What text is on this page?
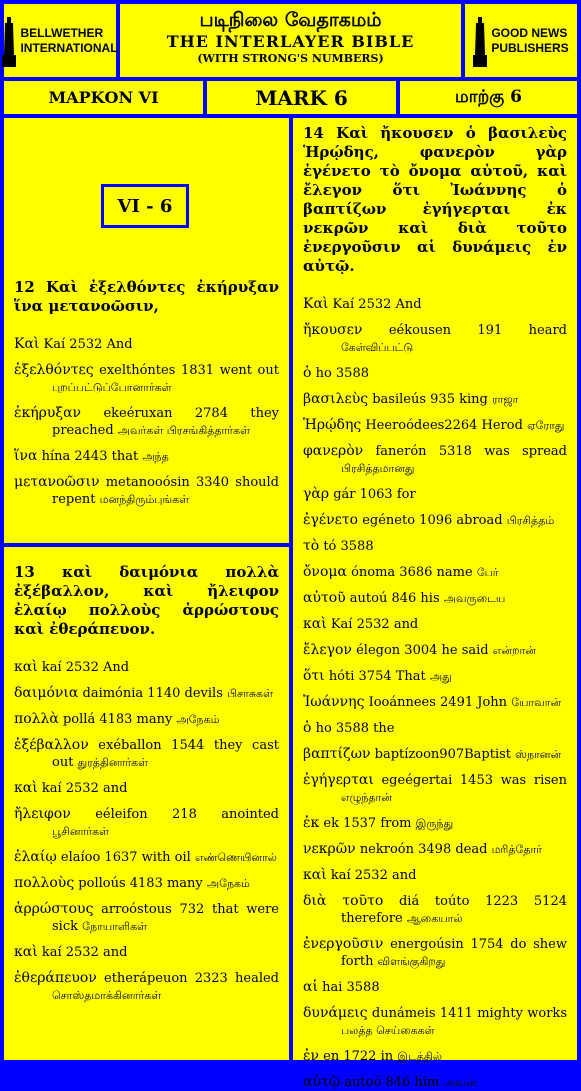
BELLWETHER
INTERNATIONAL
படிநிலை வேதாகமம்
THE INTERLAYER BIBLE
(WITH STRONG'S NUMBERS)
GOOD NEWS
PUBLISHERS
ΜΑΡΚΟΝ VI	MARK 6	மாற்கு 6
VI - 6
12 Καὶ ἐξελθόντες ἐκήρυξαν ἵνα μετανοῶσιν,
Καὶ Kaí 2532 And
ἐξελθόντες exelthóntes 1831 went out புறப்பட்டுப்போனார்கள்
ἐκήρυξαν ekeéruxan 2784 they preached அவர்கள் பிரசங்கித்தார்கள்
ἵνα hína 2443 that அந்த
μετανοῶσιν metanoοósin 3340 should repent மனந்திரும்புங்கள்
13 καὶ δαιμόνια πολλὰ ἐξέβαλλον, καὶ ἤλειφον ἐλαίῳ πολλοὺς ἀρρώστους καὶ ἐθεράπευον.
καὶ kaí 2532 And
δαιμόνια daimónia 1140 devils பிசாசுகள்
πολλὰ pollá 4183 many அநேகம்
ἐξέβαλλον exéballon 1544 they cast out துரத்தினார்கள்
καὶ kaí 2532 and
ἤλειφον eéleifon 218 anointed பூசினார்கள்
ἐλαίῳ elaíoo 1637 with oil எண்ணெயினால்
πολλοὺς polloús 4183 many அநேகம்
ἀρρώστους arroóstous 732 that were sick நோயாளிகள்
καὶ kaí 2532 and
ἐθεράπευον etherápeuon 2323 healed சொஸ்தமாக்கினார்கள்
14 Καὶ ἤκουσεν ὁ βασιλεὺς Ἡρῴδης, φανερὸν γὰρ ἐγένετο τὸ ὄνομα αὐτοῦ, καὶ ἔλεγον ὅτι Ἰωάννης ὁ βαπτίζων ἐγήγερται ἐκ νεκρῶν καὶ διὰ τοῦτο ἐνεργοῦσιν αἱ δυνάμεις ἐν αὐτῷ.
Καὶ Kaí 2532 And
ἤκουσεν eékousen 191 heard கேள்விப்பட்டு
ὁ ho 3588
βασιλεὺς basileús 935 king ராஜா
Ἡρῴδης Heeroódees2264 Herod ஏரோது
φανερὸν fanerón 5318 was spread பிரசித்தமானது
γὰρ gár 1063 for
ἐγένετο egéneto 1096 abroad பிரசித்தம்
τὸ tó 3588
ὄνομα ónoma 3686 name பேர்
αὐτοῦ autoú 846 his அவருடைய
καὶ Kaí 2532 and
ἔλεγον élegon 3004 he said என்றான்
ὅτι hóti 3754 That அது
Ἰωάννης Iooánnees 2491 John யோவான்
ὁ ho 3588 the
βαπτίζων baptízoon907Baptist ஸ்நானன்
ἐγήγερται egeégertai 1453 was risen எழுந்தான்
ἐκ ek 1537 from இருந்து
νεκρῶν nekroón 3498 dead மரித்தோர்
καὶ kaí 2532 and
διὰ τοῦτο diá toúto 1223 5124 therefore ஆகையால்
ἐνεργοῦσιν energoúsin 1754 do shew forth விளங்குகிறது
αἱ hai 3588
δυνάμεις dunámeis 1411 mighty works பலத்த செய்கைகள்
ἐν en 1722 in இடத்தில்
αὐτῷ autoó 846 him அவன்
